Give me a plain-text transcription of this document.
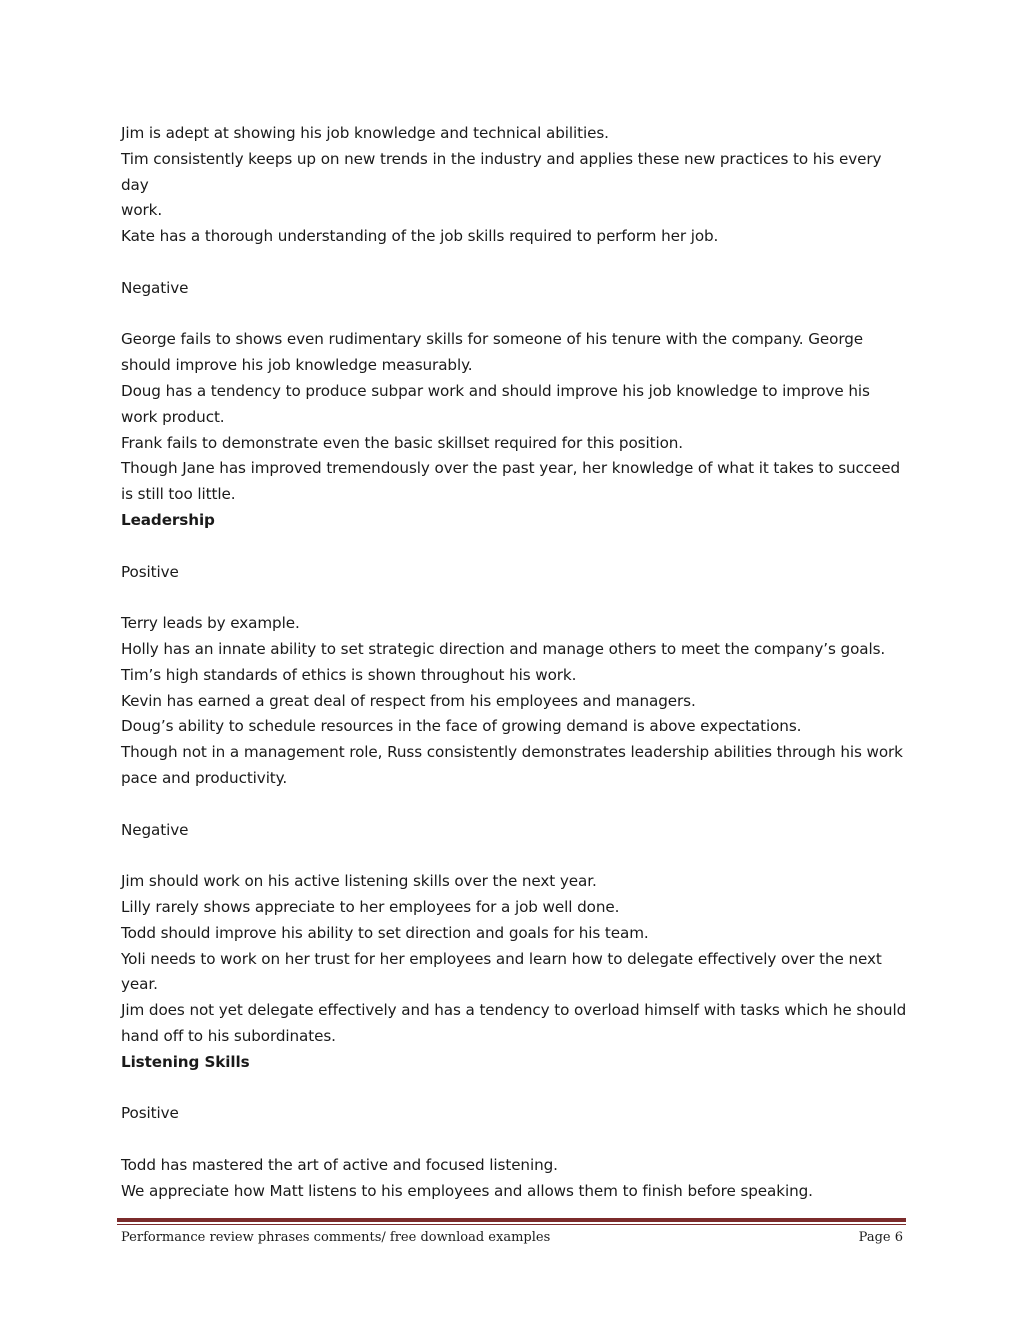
Jim is adept at showing his job knowledge and technical abilities.

Tim consistently keeps up on new trends in the industry and applies these new practices to his every day

work.

Kate has a thorough understanding of the job skills required to perform her job.

Negative

George fails to shows even rudimentary skills for someone of his tenure with the company. George

should improve his job knowledge measurably.

Doug has a tendency to produce subpar work and should improve his job knowledge to improve his

work product.

Frank fails to demonstrate even the basic skillset required for this position.

Though Jane has improved tremendously over the past year, her knowledge of what it takes to succeed

is still too little.

Leadership

Positive

Terry leads by example.

Holly has an innate ability to set strategic direction and manage others to meet the company’s goals.

Tim’s high standards of ethics is shown throughout his work.

Kevin has earned a great deal of respect from his employees and managers.

Doug’s ability to schedule resources in the face of growing demand is above expectations.

Though not in a management role, Russ consistently demonstrates leadership abilities through his work

pace and productivity.

Negative

Jim should work on his active listening skills over the next year.

Lilly rarely shows appreciate to her employees for a job well done.

Todd should improve his ability to set direction and goals for his team.

Yoli needs to work on her trust for her employees and learn how to delegate effectively over the next

year.

Jim does not yet delegate effectively and has a tendency to overload himself with tasks which he should

hand off to his subordinates.

Listening Skills

Positive

Todd has mastered the art of active and focused listening.

We appreciate how Matt listens to his employees and allows them to finish before speaking.

Performance review phrases comments/ free download examples	Page 6
